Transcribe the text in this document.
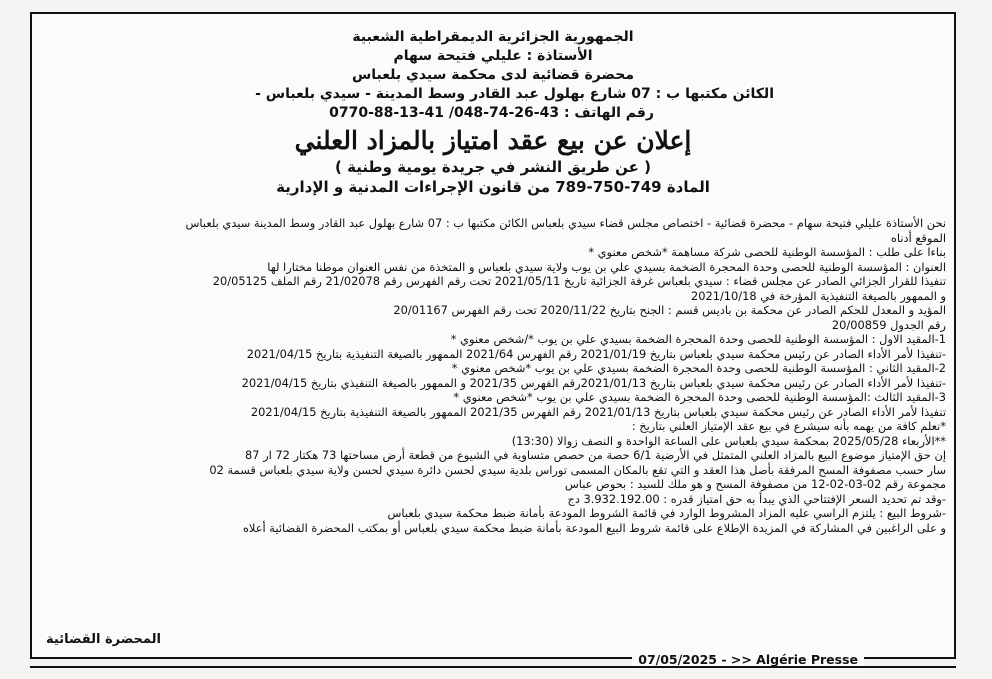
الجمهورية الجزائرية الديمقراطية الشعبية
الأستاذة : عليلي فتيحة سهام
محضرة قضائية لدى محكمة سيدي بلعباس
الكائن مكتبها ب : 07 شارع بهلول عبد القادر وسط المدينة - سيدي بلعباس -
رقم الهاتف : 43-26-74-048/ 41-13-88-0770
إعلان عن بيع عقد امتياز بالمزاد العلني
( عن طريق النشر في جريدة يومية وطنية )
المادة 749-750-789 من قانون الإجراءات المدنية و الإدارية

نحن الأستاذة عليلي فتيحة سهام - محضرة قضائية - اختصاص مجلس قضاء سيدي بلعباس الكائن مكتبها ب : 07 شارع بهلول عبد القادر وسط المدينة سيدي بلعباس

الموقع أدناه

بناءا على طلب : المؤسسة الوطنية للحصى شركة مساهمة *شخص معنوي *

العنوان : المؤسسة الوطنية للحصى وحدة المحجرة الضخمة بسيدي علي بن يوب ولاية سيدي بلعباس و المتخذة من نفس العنوان موطنا مختارا لها

تنفيذا للقرار الجزائي الصادر عن مجلس قضاء : سيدي بلعباس غرفة الجزائية تاريخ 2021/05/11 تحت رقم الفهرس رقم 21/02078 رقم الملف 20/05125

و الممهور بالصيغة التنفيذية المؤرخة في 2021/10/18

المؤيد و المعدل للحكم الصادر عن محكمة بن باديس قسم : الجنح بتاريخ 2020/11/22 تحت رقم الفهرس 20/01167

رقم الجدول 20/00859

1-المقيد الاول : المؤسسة الوطنية للحصى وحدة المحجرة الضخمة بسيدي علي بن يوب */شخص معنوي *

-تنفيذا لأمر الأداء الصادر عن رئيس محكمة سيدي بلعباس بتاريخ 2021/01/19 رقم الفهرس 2021/64 الممهور بالصيغة التنفيذية بتاريخ 2021/04/15

2-المقيد الثاني : المؤسسة الوطنية للحصى وحدة المحجرة الضخمة بسيدي علي بن يوب *شخص معنوي *

-تنفيذا لأمر الأداء الصادر عن رئيس محكمة سيدي بلعباس بتاريخ 2021/01/13رقم الفهرس 2021/35 و الممهور بالصيغة التنفيذي بتاريخ 2021/04/15

3-المقيد الثالث :المؤسسة الوطنية للحصى وحدة المحجرة الضخمة بسيدي علي بن يوب *شخص معنوي *

تنفيذا لأمر الأداء الصادر عن رئيس محكمة سيدي بلعباس بتاريخ 2021/01/13 رقم الفهرس 2021/35 الممهور بالصيغة التنفيذية بتاريخ 2021/04/15

*نعلم كافة من يهمه بأنه سيشرع في بيع عقد الإمتياز العلني بتاريخ :

**الأربعاء 2025/05/28 بمحكمة سيدي بلعباس على الساعة الواحدة و النصف زوالا (13:30)

إن حق الإمتياز موضوع البيع بالمزاد العلني المتمثل في الأرضية 6/1 حصة من حصص متساوية في الشيوع من قطعة أرض مساحتها 73 هكتار 72 ار 87

سار حسب مصفوفة المسح المرفقة بأصل هذا العقد و التي تقع بالمكان المسمى توراس بلدية سيدي لحسن دائرة سيدي لحسن ولاية سيدي بلعباس قسمة 02

مجموعة رقم 02-03-02-12 من مصفوفة المسح و هو ملك للسيد : بحوص عباس

-وقد تم تحديد السعر الإفتتاحي الذي يبدأ به حق امتياز قدره : 3.932.192.00 دج

-شروط البيع : يلتزم الراسي عليه المزاد المشروط الوارد في قائمة الشروط المودعة بأمانة ضبط محكمة سيدي بلعباس

و على الراغبين في المشاركة في المزيدة الإطلاع على قائمة شروط البيع المودعة بأمانة ضبط محكمة سيدي بلعباس أو بمكتب المحضرة القضائية أعلاه

المحضرة القضائية
07/05/2025 - >> Algérie Presse
